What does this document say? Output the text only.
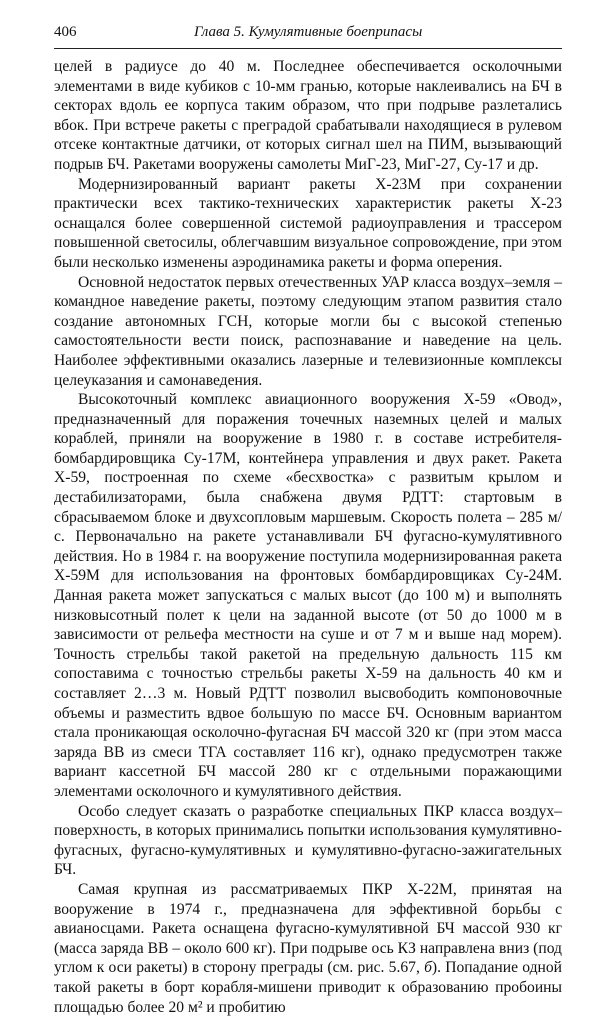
406	Глава 5. Кумулятивные боеприпасы

целей в радиусе до 40 м. Последнее обеспечивается осколочными элементами в виде кубиков с 10-мм гранью, которые наклеивались на БЧ в секторах вдоль ее корпуса таким образом, что при подрыве разлетались вбок. При встрече ракеты с преградой срабатывали находящиеся в рулевом отсеке контактные датчики, от которых сигнал шел на ПИМ, вызывающий подрыв БЧ. Ракетами вооружены самолеты МиГ-23, МиГ-27, Су-17 и др.

Модернизированный вариант ракеты Х-23М при сохранении практически всех тактико-технических характеристик ракеты Х-23 оснащался более совершенной системой радиоуправления и трассером повышенной светосилы, облегчавшим визуальное сопровождение, при этом были несколько изменены аэродинамика ракеты и форма оперения.

Основной недостаток первых отечественных УАР класса воздух–земля – командное наведение ракеты, поэтому следующим этапом развития стало создание автономных ГСН, которые могли бы с высокой степенью самостоятельности вести поиск, распознавание и наведение на цель. Наиболее эффективными оказались лазерные и телевизионные комплексы целеуказания и самонаведения.

Высокоточный комплекс авиационного вооружения Х-59 «Овод», предназначенный для поражения точечных наземных целей и малых кораблей, приняли на вооружение в 1980 г. в составе истребителя-бомбардировщика Су-17М, контейнера управления и двух ракет. Ракета Х-59, построенная по схеме «бесхвостка» с развитым крылом и дестабилизаторами, была снабжена двумя РДТТ: стартовым в сбрасываемом блоке и двухсопловым маршевым. Скорость полета – 285 м/с. Первоначально на ракете устанавливали БЧ фугасно-кумулятивного действия. Но в 1984 г. на вооружение поступила модернизированная ракета Х-59М для использования на фронтовых бомбардировщиках Су-24М. Данная ракета может запускаться с малых высот (до 100 м) и выполнять низковысотный полет к цели на заданной высоте (от 50 до 1000 м в зависимости от рельефа местности на суше и от 7 м и выше над морем). Точность стрельбы такой ракетой на предельную дальность 115 км сопоставима с точностью стрельбы ракеты Х-59 на дальность 40 км и составляет 2…3 м. Новый РДТТ позволил высвободить компоновочные объемы и разместить вдвое большую по массе БЧ. Основным вариантом стала проникающая осколочно-фугасная БЧ массой 320 кг (при этом масса заряда ВВ из смеси ТГА составляет 116 кг), однако предусмотрен также вариант кассетной БЧ массой 280 кг с отдельными поражающими элементами осколочного и кумулятивного действия.

Особо следует сказать о разработке специальных ПКР класса воздух–поверхность, в которых принимались попытки использования кумулятивно-фугасных, фугасно-кумулятивных и кумулятивно-фугасно-зажигательных БЧ.

Самая крупная из рассматриваемых ПКР Х-22М, принятая на вооружение в 1974 г., предназначена для эффективной борьбы с авианосцами. Ракета оснащена фугасно-кумулятивной БЧ массой 930 кг (масса заряда ВВ – около 600 кг). При подрыве ось КЗ направлена вниз (под углом к оси ракеты) в сторону преграды (см. рис. 5.67, б). Попадание одной такой ракеты в борт корабля-мишени приводит к образованию пробоины площадью более 20 м² и пробитию
